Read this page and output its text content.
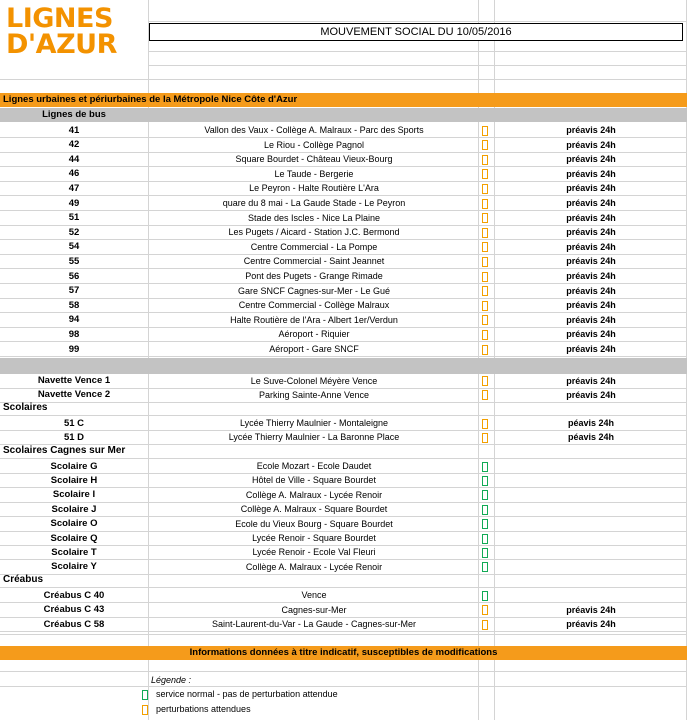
LIGNES
D'AZUR	MOUVEMENT SOCIAL DU 10/05/2016
Lignes urbaines et périurbaines de la Métropole Nice Côte d'Azur
Lignes de bus
41	Vallon des Vaux - Collège A. Malraux - Parc des Sports	préavis 24h
42	Le Riou - Collège Pagnol	préavis 24h
44	Square Bourdet - Château Vieux-Bourg	préavis 24h
46	Le Taude - Bergerie	préavis 24h
47	Le Peyron - Halte Routière L'Ara	préavis 24h
49	quare du 8 mai - La Gaude Stade - Le Peyron	préavis 24h
51	Stade des Iscles - Nice La Plaine	préavis 24h
52	Les Pugets / Aicard - Station J.C. Bermond	préavis 24h
54	Centre Commercial - La Pompe	préavis 24h
55	Centre Commercial - Saint Jeannet	préavis 24h
56	Pont des Pugets - Grange Rimade	préavis 24h
57	Gare SNCF Cagnes-sur-Mer - Le Gué	préavis 24h
58	Centre Commercial - Collège Malraux	préavis 24h
94	Halte Routière de l'Ara - Albert 1er/Verdun	préavis 24h
98	Aéroport - Riquier	préavis 24h
99	Aéroport - Gare SNCF	préavis 24h
Navette Vence 1	Le Suve-Colonel Méyère Vence	préavis 24h
Navette Vence 2	Parking Sainte-Anne Vence	préavis 24h
Scolaires
51 C	Lycée Thierry Maulnier - Montaleigne	péavis 24h
51 D	Lycée Thierry Maulnier - La Baronne Place	péavis 24h
Scolaires Cagnes sur Mer
Scolaire G	Ecole Mozart - Ecole Daudet
Scolaire H	Hôtel de Ville - Square Bourdet
Scolaire I	Collège A. Malraux - Lycée Renoir
Scolaire J	Collège A. Malraux - Square Bourdet
Scolaire O	Ecole du Vieux Bourg - Square Bourdet
Scolaire Q	Lycée Renoir - Square Bourdet
Scolaire T	Lycée Renoir - Ecole Val Fleuri
Scolaire Y	Collège A. Malraux - Lycée Renoir
Créabus
Créabus C 40	Vence
Créabus C 43	Cagnes-sur-Mer	préavis 24h
Créabus C 58	Saint-Laurent-du-Var - La Gaude - Cagnes-sur-Mer	préavis 24h
Informations données à titre indicatif, susceptibles de modifications
Légende :
service normal - pas de perturbation attendue
perturbations attendues
